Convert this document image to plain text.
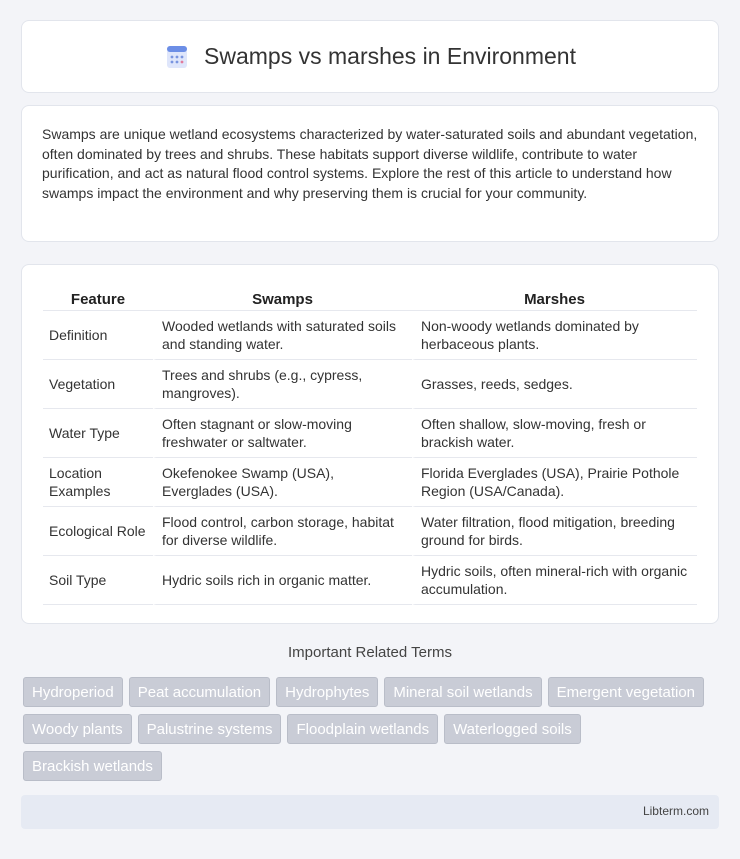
Swamps vs marshes in Environment

Swamps are unique wetland ecosystems characterized by water-saturated soils and abundant vegetation, often dominated by trees and shrubs. These habitats support diverse wildlife, contribute to water purification, and act as natural flood control systems. Explore the rest of this article to understand how swamps impact the environment and why preserving them is crucial for your community.

Feature	Swamps	Marshes
Definition	Wooded wetlands with saturated soils and standing water.	Non-woody wetlands dominated by herbaceous plants.
Vegetation	Trees and shrubs (e.g., cypress, mangroves).	Grasses, reeds, sedges.
Water Type	Often stagnant or slow-moving freshwater or saltwater.	Often shallow, slow-moving, fresh or brackish water.
Location Examples	Okefenokee Swamp (USA), Everglades (USA).	Florida Everglades (USA), Prairie Pothole Region (USA/Canada).
Ecological Role	Flood control, carbon storage, habitat for diverse wildlife.	Water filtration, flood mitigation, breeding ground for birds.
Soil Type	Hydric soils rich in organic matter.	Hydric soils, often mineral-rich with organic accumulation.
Important Related Terms
Hydroperiod	Peat accumulation	Hydrophytes	Mineral soil wetlands	Emergent vegetation
Woody plants	Palustrine systems	Floodplain wetlands	Waterlogged soils
Brackish wetlands
Libterm.com
